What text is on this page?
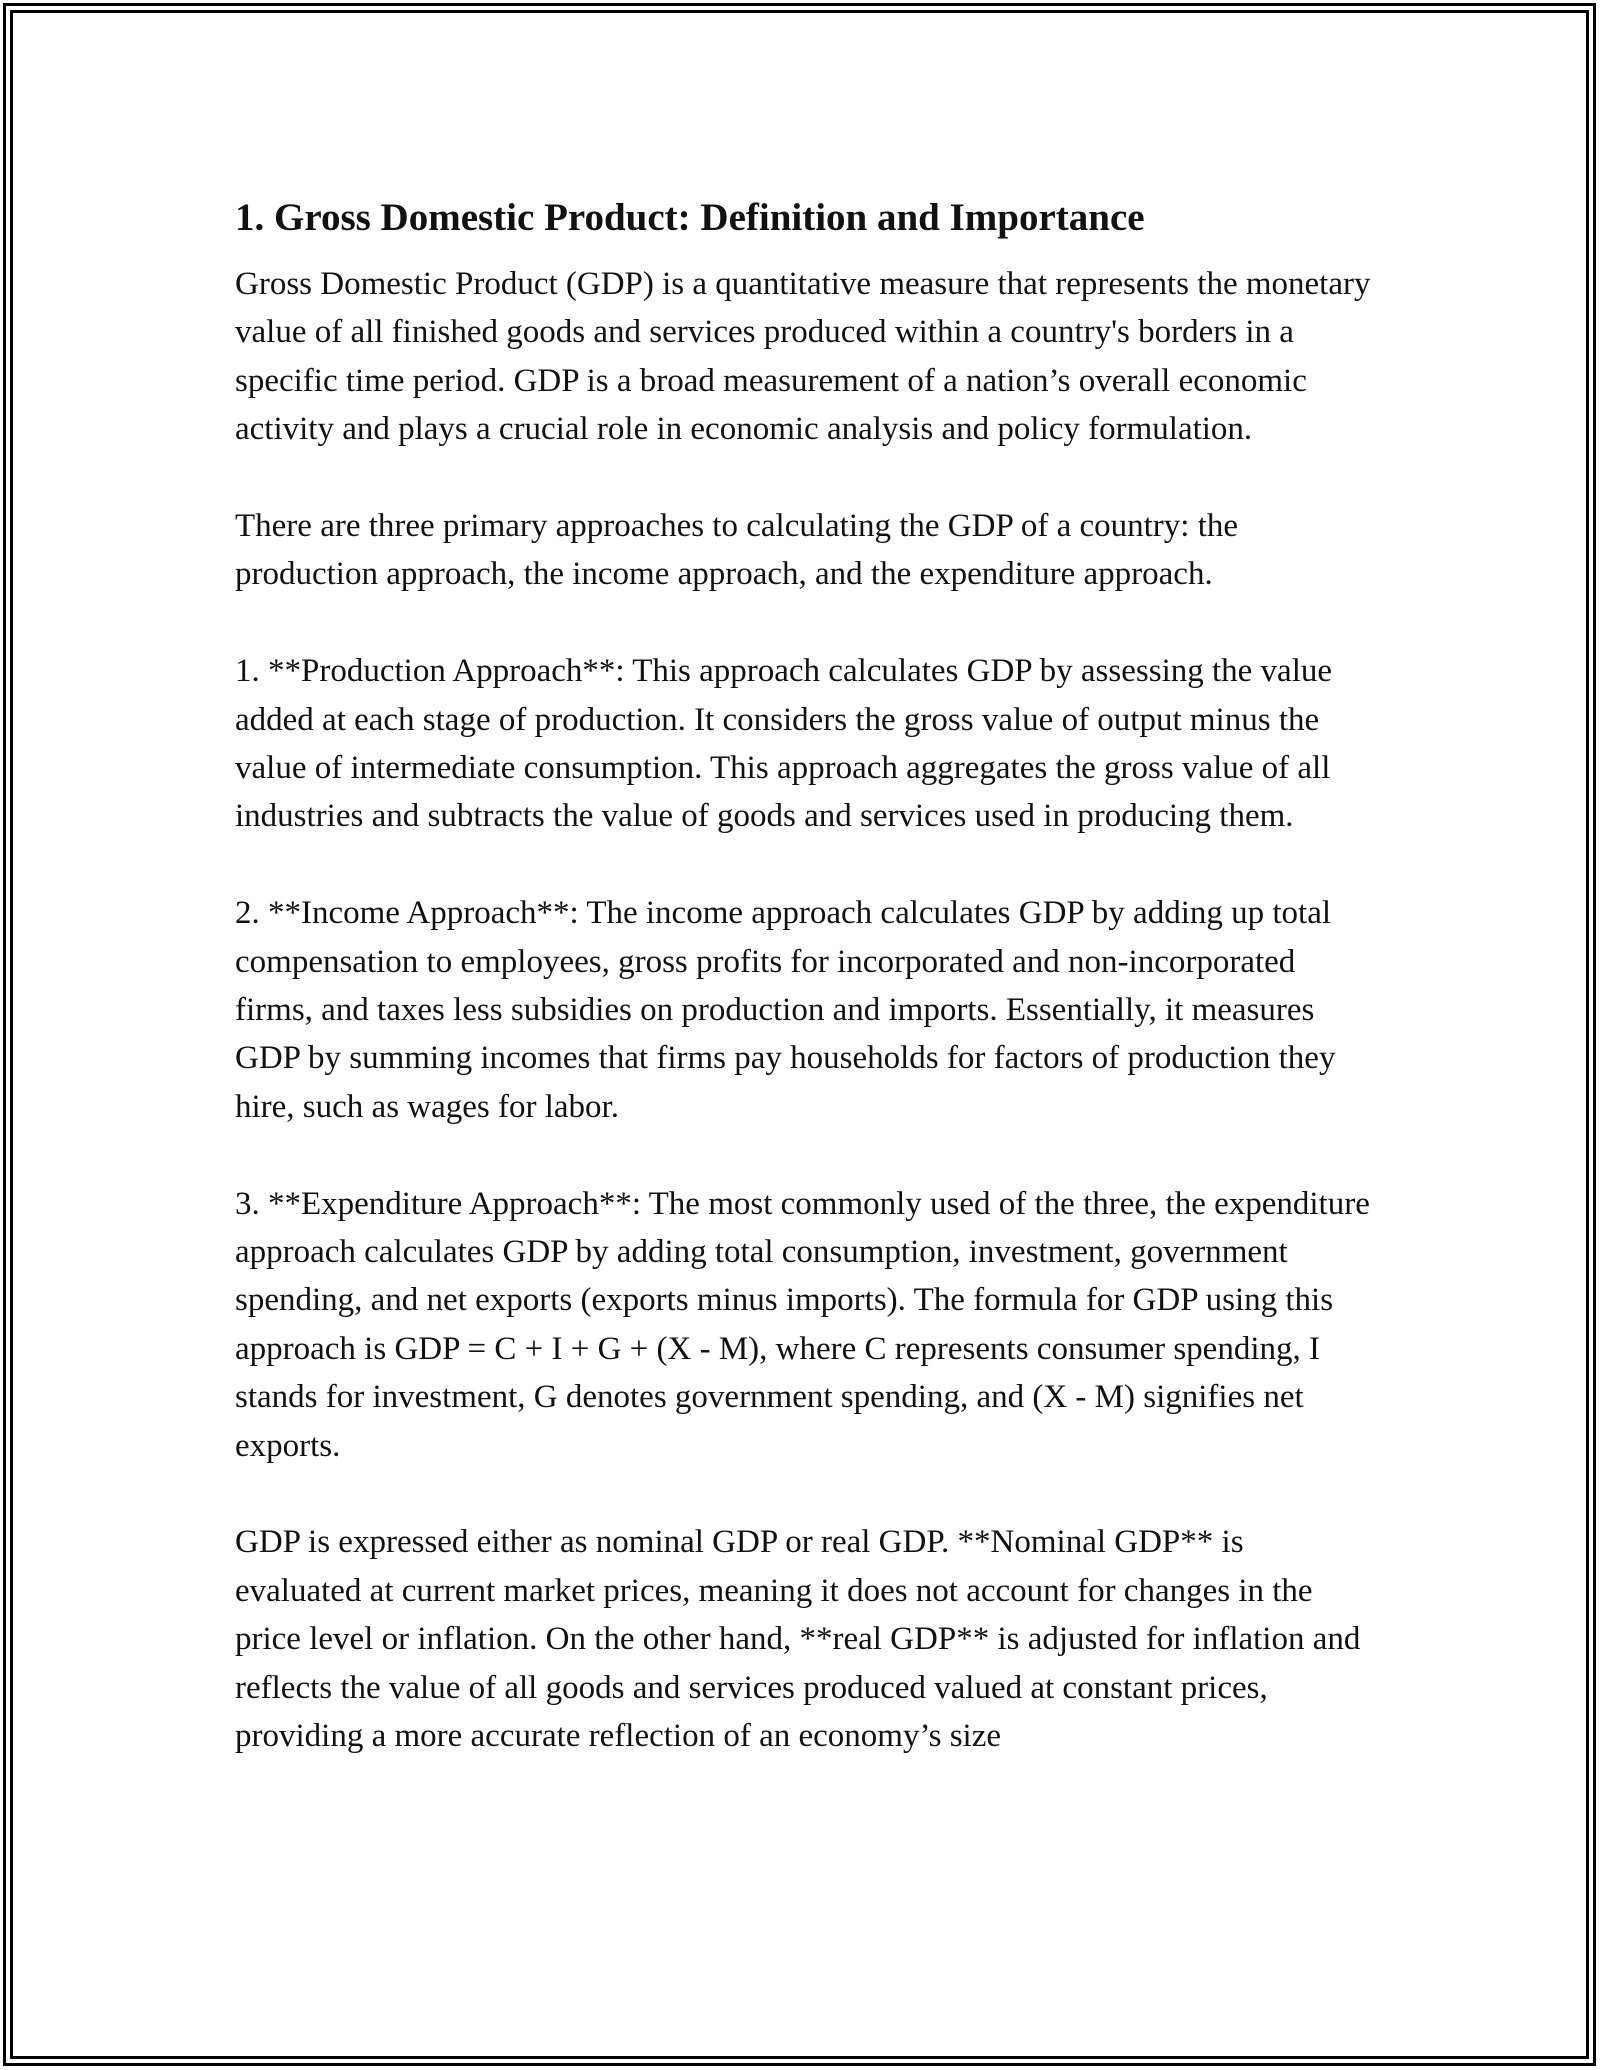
1. Gross Domestic Product: Definition and Importance

Gross Domestic Product (GDP) is a quantitative measure that represents the monetary value of all finished goods and services produced within a country's borders in a specific time period. GDP is a broad measurement of a nation’s overall economic activity and plays a crucial role in economic analysis and policy formulation.

There are three primary approaches to calculating the GDP of a country: the production approach, the income approach, and the expenditure approach.

1. **Production Approach**: This approach calculates GDP by assessing the value added at each stage of production. It considers the gross value of output minus the value of intermediate consumption. This approach aggregates the gross value of all industries and subtracts the value of goods and services used in producing them.

2. **Income Approach**: The income approach calculates GDP by adding up total compensation to employees, gross profits for incorporated and non-incorporated firms, and taxes less subsidies on production and imports. Essentially, it measures GDP by summing incomes that firms pay households for factors of production they hire, such as wages for labor.

3. **Expenditure Approach**: The most commonly used of the three, the expenditure approach calculates GDP by adding total consumption, investment, government spending, and net exports (exports minus imports). The formula for GDP using this approach is GDP = C + I + G + (X - M), where C represents consumer spending, I stands for investment, G denotes government spending, and (X - M) signifies net exports.

GDP is expressed either as nominal GDP or real GDP. **Nominal GDP** is evaluated at current market prices, meaning it does not account for changes in the price level or inflation. On the other hand, **real GDP** is adjusted for inflation and reflects the value of all goods and services produced valued at constant prices, providing a more accurate reflection of an economy’s size
